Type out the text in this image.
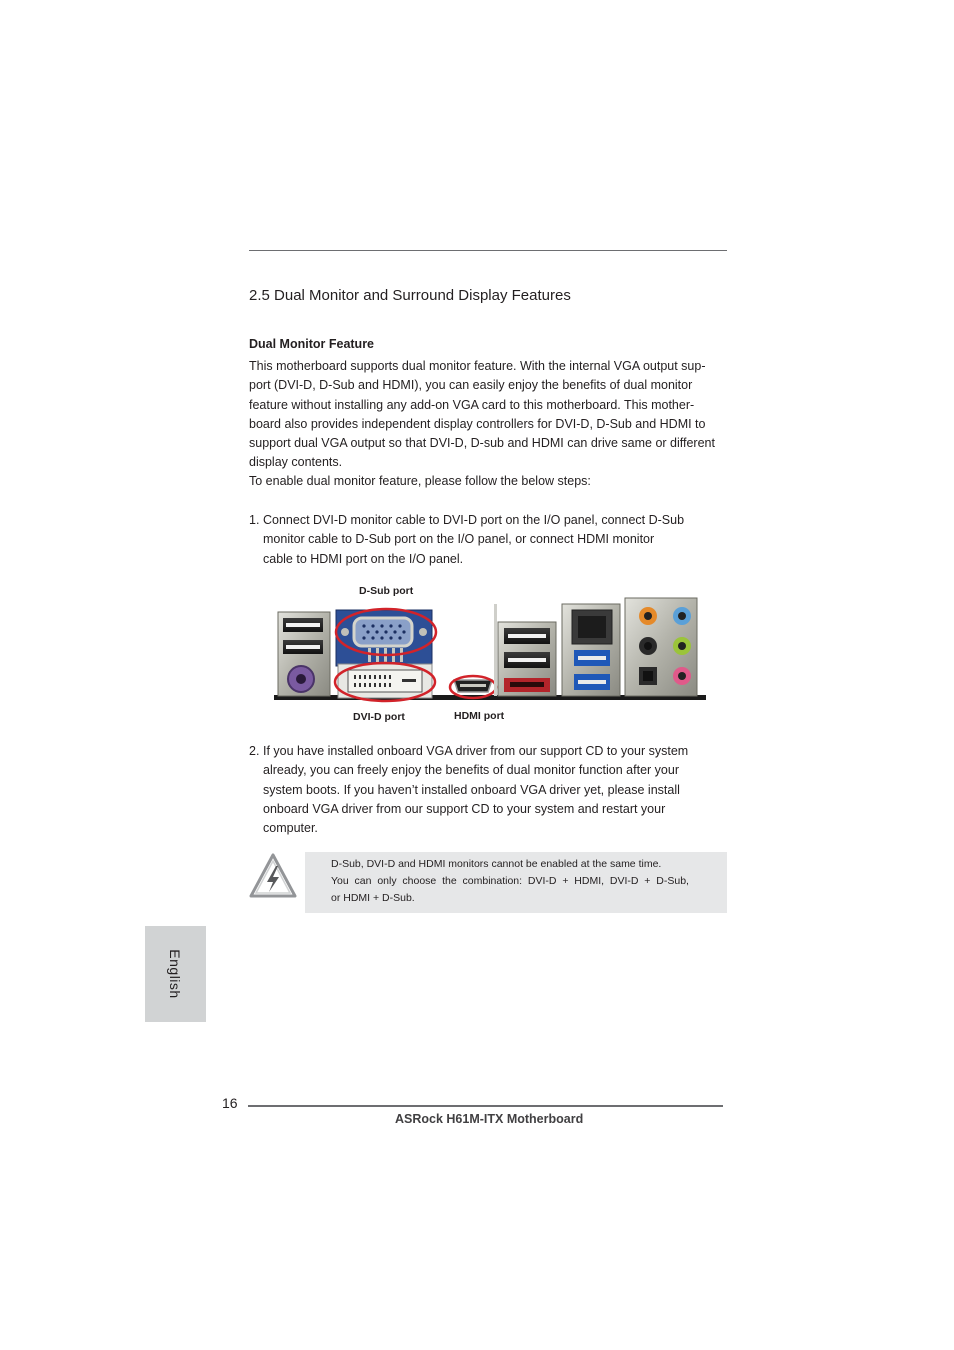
2.5 Dual Monitor and Surround Display Features
Dual Monitor Feature
This motherboard supports dual monitor feature. With the internal VGA output sup-
port (DVI-D, D-Sub and HDMI), you can easily enjoy the benefits of dual monitor
feature without installing any add-on VGA card to this motherboard. This mother-
board also provides independent display controllers for DVI-D, D-Sub and HDMI to
support dual VGA output so that DVI-D, D-sub and HDMI can drive same or different
display contents.
To enable dual monitor feature, please follow the below steps:
1. Connect DVI-D monitor cable to DVI-D port on the I/O panel, connect D-Sub
monitor cable to D-Sub port on the I/O panel, or connect HDMI monitor
cable to HDMI port on the I/O panel.
D-Sub port
DVI-D port	HDMI port
2. If you have installed onboard VGA driver from our support CD to your system
already, you can freely enjoy the benefits of dual monitor function after your
system boots. If you haven’t installed onboard VGA driver yet, please install
onboard VGA driver from our support CD to your system and restart your
computer.
D-Sub, DVI-D and HDMI monitors cannot be enabled at the same time.
You can only choose the combination: DVI-D + HDMI, DVI-D + D-Sub,
or HDMI + D-Sub.
English
16
ASRock H61M-ITX Motherboard
